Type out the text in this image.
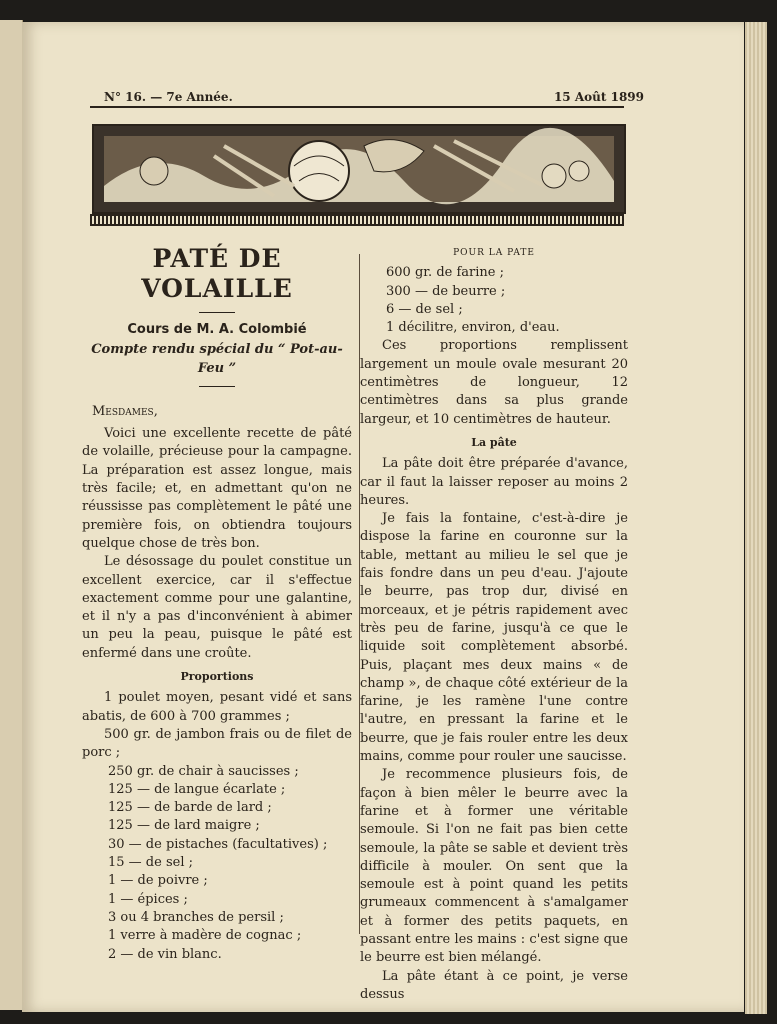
N° 16. — 7e Année.	15 Août 1899
PATÉ DE VOLAILLE
Cours de M. A. Colombié
Compte rendu spécial du “ Pot-au-Feu ”
Mesdames,

Voici une excellente recette de pâté de volaille, précieuse pour la campagne. La préparation est assez longue, mais très facile; et, en admettant qu'on ne réussisse pas complètement le pâté une première fois, on obtiendra toujours quelque chose de très bon.

Le désossage du poulet constitue un excellent exercice, car il s'effectue exactement comme pour une galantine, et il n'y a pas d'inconvénient à abimer un peu la peau, puisque le pâté est enfermé dans une croûte.

Proportions

1 poulet moyen, pesant vidé et sans abatis, de 600 à 700 grammes ;

500 gr. de jambon frais ou de filet de porc ;

250 gr. de chair à saucisses ;

125 — de langue écarlate ;

125 — de barde de lard ;

125 — de lard maigre ;

30 — de pistaches (facultatives) ;

15 — de sel ;

1 — de poivre ;

1 — épices ;

3 ou 4 branches de persil ;

1 verre à madère de cognac ;

2 — de vin blanc.

POUR LA PATE

600 gr. de farine ;

300 — de beurre ;

6 — de sel ;

1 décilitre, environ, d'eau.

Ces proportions remplissent largement un moule ovale mesurant 20 centimètres de longueur, 12 centimètres dans sa plus grande largeur, et 10 centimètres de hauteur.

La pâte

La pâte doit être préparée d'avance, car il faut la laisser reposer au moins 2 heures.

Je fais la fontaine, c'est-à-dire je dispose la farine en couronne sur la table, mettant au milieu le sel que je fais fondre dans un peu d'eau. J'ajoute le beurre, pas trop dur, divisé en morceaux, et je pétris rapidement avec très peu de farine, jusqu'à ce que le liquide soit complètement absorbé. Puis, plaçant mes deux mains « de champ », de chaque côté extérieur de la farine, je les ramène l'une contre l'autre, en pressant la farine et le beurre, que je fais rouler entre les deux mains, comme pour rouler une saucisse.

Je recommence plusieurs fois, de façon à bien mêler le beurre avec la farine et à former une véritable semoule. Si l'on ne fait pas bien cette semoule, la pâte se sable et devient très difficile à mouler. On sent que la semoule est à point quand les petits grumeaux commencent à s'amalgamer et à former des petits paquets, en passant entre les mains : c'est signe que le beurre est bien mélangé.

La pâte étant à ce point, je verse dessus
